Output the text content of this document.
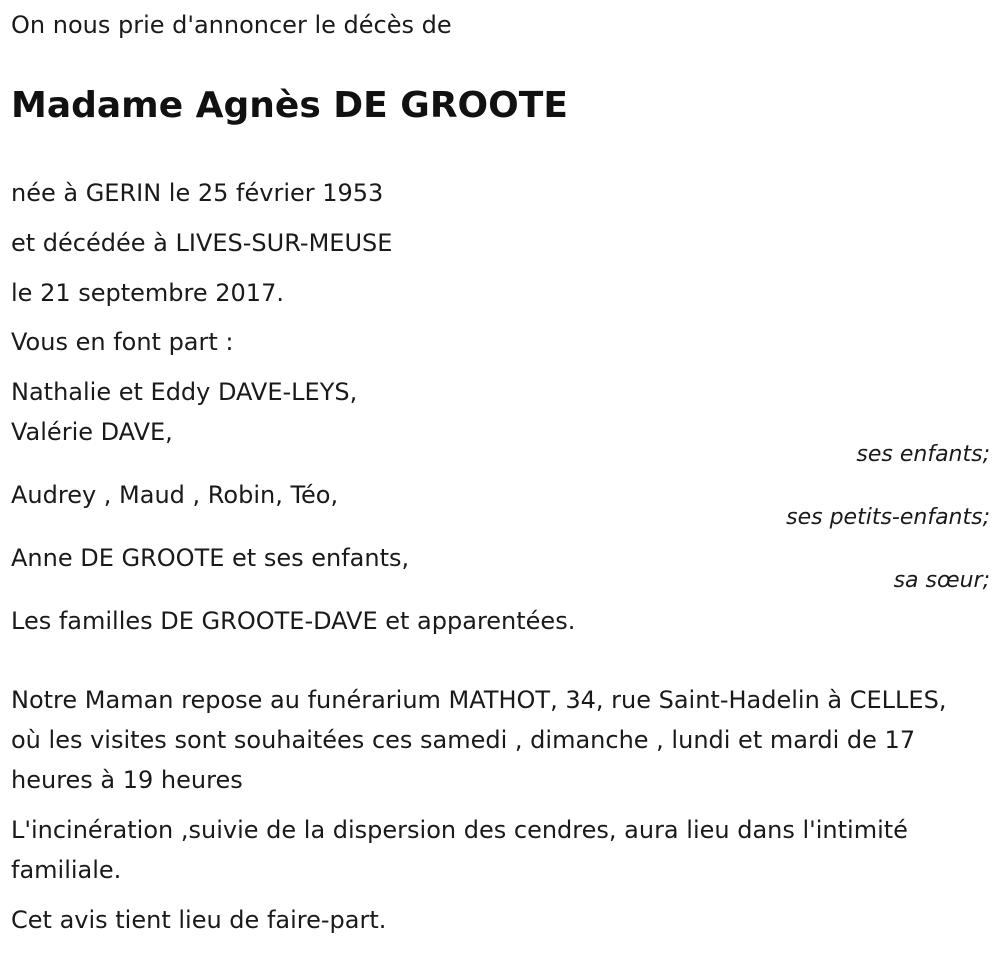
On nous prie d'annoncer le décès de

Madame Agnès DE GROOTE

née à GERIN le 25 février 1953

et décédée à LIVES-SUR-MEUSE

le 21 septembre 2017.

Vous en font part :

Nathalie et Eddy DAVE-LEYS,

Valérie DAVE,

ses enfants;

Audrey , Maud , Robin, Téo,

ses petits-enfants;

Anne DE GROOTE et ses enfants,

sa sœur;

Les familles DE GROOTE-DAVE et apparentées.

Notre Maman repose au funérarium MATHOT, 34, rue Saint-Hadelin à CELLES, où les visites sont souhaitées ces samedi , dimanche , lundi et mardi de 17 heures à 19 heures

L'incinération ,suivie de la dispersion des cendres, aura lieu dans l'intimité familiale.

Cet avis tient lieu de faire-part.
